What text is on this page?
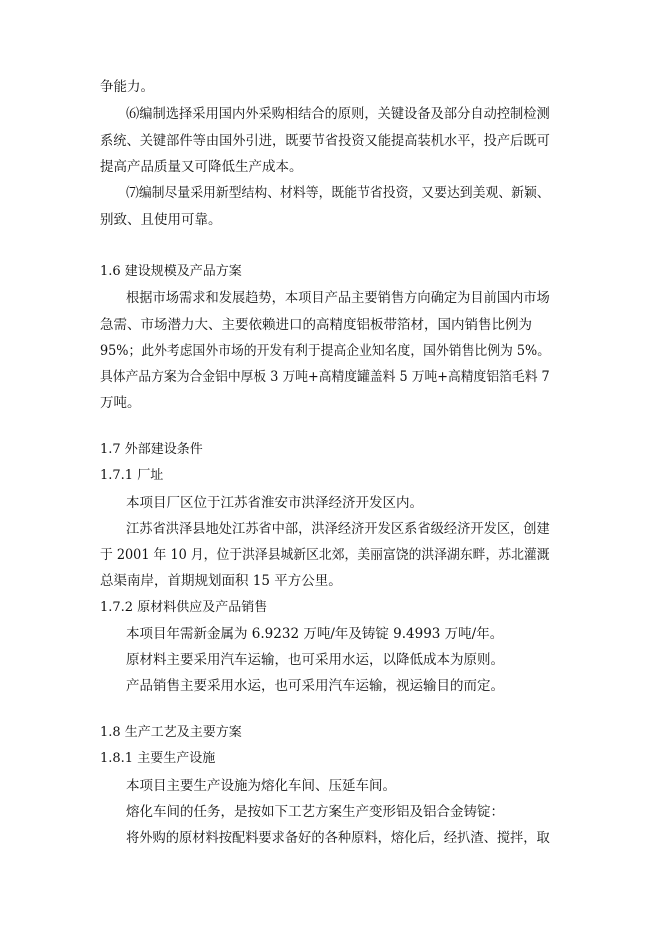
争能力。
⑹编制选择采用国内外采购相结合的原则，关键设备及部分自动控制检测
系统、关键部件等由国外引进，既要节省投资又能提高装机水平，投产后既可
提高产品质量又可降低生产成本。
⑺编制尽量采用新型结构、材料等，既能节省投资，又要达到美观、新颖、
别致、且使用可靠。
1.6 建设规模及产品方案
根据市场需求和发展趋势，本项目产品主要销售方向确定为目前国内市场
急需、市场潜力大、主要依赖进口的高精度铝板带箔材，国内销售比例为
95%；此外考虑国外市场的开发有利于提高企业知名度，国外销售比例为 5%。
具体产品方案为合金铝中厚板 3 万吨+高精度罐盖料 5 万吨+高精度铝箔毛料 7
万吨。
1.7 外部建设条件
1.7.1 厂址
本项目厂区位于江苏省淮安市洪泽经济开发区内。
江苏省洪泽县地处江苏省中部，洪泽经济开发区系省级经济开发区，创建
于 2001 年 10 月，位于洪泽县城新区北郊，美丽富饶的洪泽湖东畔，苏北灌溉
总渠南岸，首期规划面积 15 平方公里。
1.7.2 原材料供应及产品销售
本项目年需新金属为 6.9232 万吨/年及铸锭 9.4993 万吨/年。
原材料主要采用汽车运输，也可采用水运，以降低成本为原则。
产品销售主要采用水运，也可采用汽车运输，视运输目的而定。
1.8 生产工艺及主要方案
1.8.1 主要生产设施
本项目主要生产设施为熔化车间、压延车间。
熔化车间的任务，是按如下工艺方案生产变形铝及铝合金铸锭：
将外购的原材料按配料要求备好的各种原料，熔化后，经扒渣、搅拌，取
